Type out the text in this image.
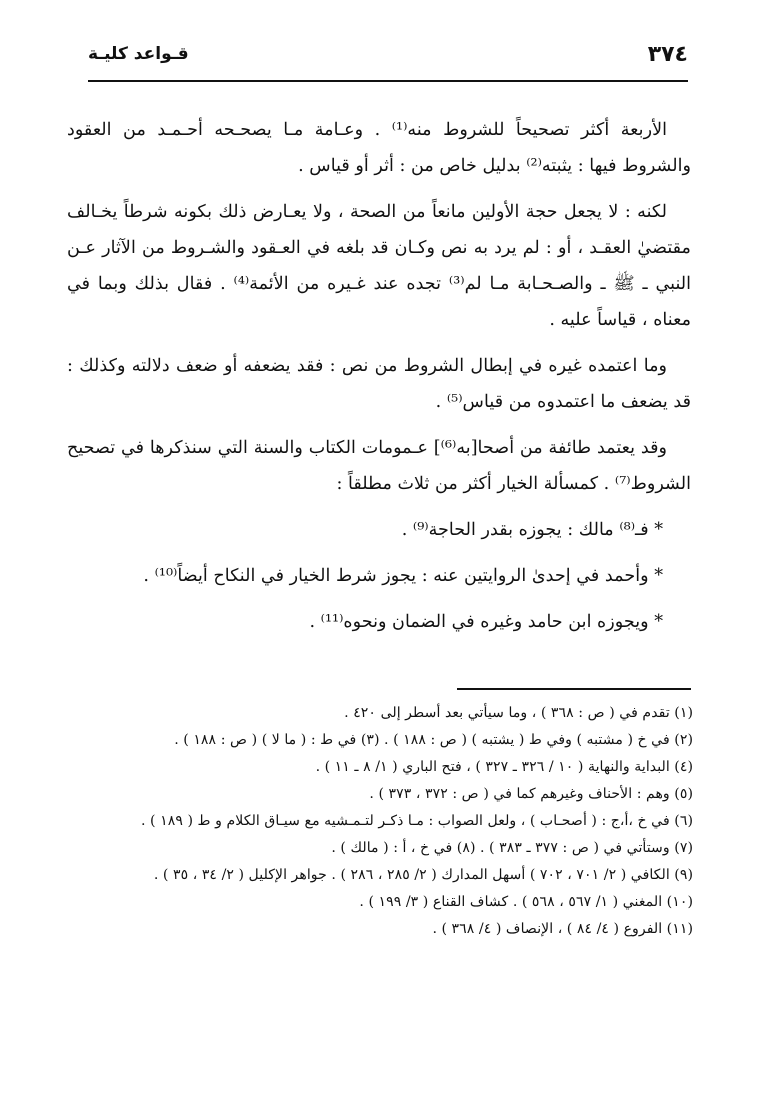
٣٧٤
قـواعد كليـة

الأربعة أكثر تصحيحاً للشروط منه⁽¹⁾ . وعـامة مـا يصحـحه أحـمـد من العقود والشروط فيها : يثبته⁽²⁾ بدليل خاص من : أثر أو قياس .

لكنه : لا يجعل حجة الأولين مانعاً من الصحة ، ولا يعـارض ذلك بكونه شرطاً يخـالف مقتضيٰ العقـد ، أو : لم يرد به نص وكـان قد بلغه في العـقود والشـروط من الآثار عـن النبي ـ ﷺ ـ والصـحـابة مـا لم⁽³⁾ تجده عند غـيره من الأئمة⁽⁴⁾ . فقال بذلك وبما في معناه ، قياساً عليه .

وما اعتمده غيره في إبطال الشروط من نص : فقد يضعفه أو ضعف دلالته وكذلك : قد يضعف ما اعتمدوه من قياس⁽⁵⁾ .

وقد يعتمد طائفة من أصحا[به⁽⁶⁾] عـمومات الكتاب والسنة التي سنذكرها في تصحيح الشروط⁽⁷⁾ . كمسألة الخيار أكثر من ثلاث مطلقاً :

* فـ⁽⁸⁾ مالك : يجوزه بقدر الحاجة⁽⁹⁾ .

* وأحمد في إحدىٰ الروايتين عنه : يجوز شرط الخيار في النكاح أيضاً⁽¹⁰⁾ .

* ويجوزه ابن حامد وغيره في الضمان ونحوه⁽¹¹⁾ .

(١) تقدم في ( ص : ٣٦٨ ) ، وما سيأتي بعد أسطر إلى ٤٢٠ .

(٢) في خ ( مشتبه ) وفي ط ( يشتبه ) ( ص : ١٨٨ ) . (٣) في ط : ( ما لا ) ( ص : ١٨٨ ) .

(٤) البداية والنهاية ( ١٠ / ٣٢٦ ـ ٣٢٧ ) ، فتح الباري ( ١/ ٨ ـ ١١ ) .

(٥) وهم : الأحناف وغيرهم كما في ( ص : ٣٧٢ ، ٣٧٣ ) .

(٦) في خ ،أ،ج : ( أصحـاب ) ، ولعل الصواب : مـا ذكـر لتـمـشيه مع سيـاق الكلام و ط ( ١٨٩ ) .

(٧) وستأتي في ( ص : ٣٧٧ ـ ٣٨٣ ) . (٨) في خ ، أ : ( مالك ) .

(٩) الكافي ( ٢/ ٧٠١ ، ٧٠٢ ) أسهل المدارك ( ٢/ ٢٨٥ ، ٢٨٦ ) . جواهر الإكليل ( ٢/ ٣٤ ، ٣٥ ) .

(١٠) المغني ( ١/ ٥٦٧ ، ٥٦٨ ) . كشاف القناع ( ٣/ ١٩٩ ) .

(١١) الفروع ( ٤/ ٨٤ ) ، الإنصاف ( ٤/ ٣٦٨ ) .
